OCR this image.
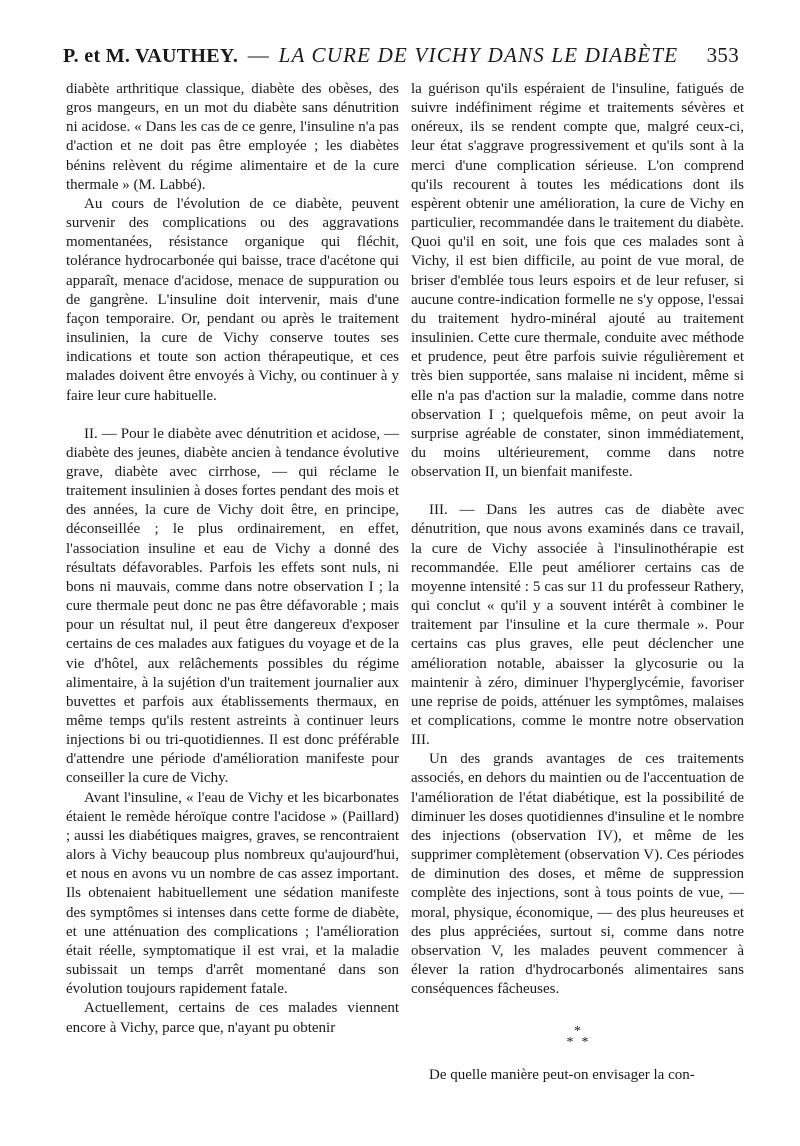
P. et M. VAUTHEY. — LA CURE DE VICHY DANS LE DIABÈTE 353

diabète arthritique classique, diabète des obèses, des gros mangeurs, en un mot du diabète sans dénutrition ni acidose. « Dans les cas de ce genre, l'insuline n'a pas d'action et ne doit pas être employée ; les diabètes bénins relèvent du régime alimentaire et de la cure thermale » (M. Labbé).

Au cours de l'évolution de ce diabète, peuvent survenir des complications ou des aggravations momentanées, résistance organique qui fléchit, tolérance hydrocarbonée qui baisse, trace d'acétone qui apparaît, menace d'acidose, menace de suppuration ou de gangrène. L'insuline doit intervenir, mais d'une façon temporaire. Or, pendant ou après le traitement insulinien, la cure de Vichy conserve toutes ses indications et toute son action thérapeutique, et ces malades doivent être envoyés à Vichy, ou continuer à y faire leur cure habituelle.

II. — Pour le diabète avec dénutrition et acidose, — diabète des jeunes, diabète ancien à tendance évolutive grave, diabète avec cirrhose, — qui réclame le traitement insulinien à doses fortes pendant des mois et des années, la cure de Vichy doit être, en principe, déconseillée ; le plus ordinairement, en effet, l'association insuline et eau de Vichy a donné des résultats défavorables. Parfois les effets sont nuls, ni bons ni mauvais, comme dans notre observation I ; la cure thermale peut donc ne pas être défavorable ; mais pour un résultat nul, il peut être dangereux d'exposer certains de ces malades aux fatigues du voyage et de la vie d'hôtel, aux relâchements possibles du régime alimentaire, à la sujétion d'un traitement journalier aux buvettes et parfois aux établissements thermaux, en même temps qu'ils restent astreints à continuer leurs injections bi ou tri-quotidiennes. Il est donc préférable d'attendre une période d'amélioration manifeste pour conseiller la cure de Vichy.

Avant l'insuline, « l'eau de Vichy et les bicarbonates étaient le remède héroïque contre l'acidose » (Paillard) ; aussi les diabétiques maigres, graves, se rencontraient alors à Vichy beaucoup plus nombreux qu'aujourd'hui, et nous en avons vu un nombre de cas assez important. Ils obtenaient habituellement une sédation manifeste des symptômes si intenses dans cette forme de diabète, et une atténuation des complications ; l'amélioration était réelle, symptomatique il est vrai, et la maladie subissait un temps d'arrêt momentané dans son évolution toujours rapidement fatale.

Actuellement, certains de ces malades viennent encore à Vichy, parce que, n'ayant pu obtenir

la guérison qu'ils espéraient de l'insuline, fatigués de suivre indéfiniment régime et traitements sévères et onéreux, ils se rendent compte que, malgré ceux-ci, leur état s'aggrave progressivement et qu'ils sont à la merci d'une complication sérieuse. L'on comprend qu'ils recourent à toutes les médications dont ils espèrent obtenir une amélioration, la cure de Vichy en particulier, recommandée dans le traitement du diabète. Quoi qu'il en soit, une fois que ces malades sont à Vichy, il est bien difficile, au point de vue moral, de briser d'emblée tous leurs espoirs et de leur refuser, si aucune contre-indication formelle ne s'y oppose, l'essai du traitement hydro-minéral ajouté au traitement insulinien. Cette cure thermale, conduite avec méthode et prudence, peut être parfois suivie régulièrement et très bien supportée, sans malaise ni incident, même si elle n'a pas d'action sur la maladie, comme dans notre observation I ; quelquefois même, on peut avoir la surprise agréable de constater, sinon immédiatement, du moins ultérieurement, comme dans notre observation II, un bienfait manifeste.

III. — Dans les autres cas de diabète avec dénutrition, que nous avons examinés dans ce travail, la cure de Vichy associée à l'insulinothérapie est recommandée. Elle peut améliorer certains cas de moyenne intensité : 5 cas sur 11 du professeur Rathery, qui conclut « qu'il y a souvent intérêt à combiner le traitement par l'insuline et la cure thermale ». Pour certains cas plus graves, elle peut déclencher une amélioration notable, abaisser la glycosurie ou la maintenir à zéro, diminuer l'hyperglycémie, favoriser une reprise de poids, atténuer les symptômes, malaises et complications, comme le montre notre observation III.

Un des grands avantages de ces traitements associés, en dehors du maintien ou de l'accentuation de l'amélioration de l'état diabétique, est la possibilité de diminuer les doses quotidiennes d'insuline et le nombre des injections (observation IV), et même de les supprimer complètement (observation V). Ces périodes de diminution des doses, et même de suppression complète des injections, sont à tous points de vue, — moral, physique, économique, — des plus heureuses et des plus appréciées, surtout si, comme dans notre observation V, les malades peuvent commencer à élever la ration d'hydrocarbonés alimentaires sans conséquences fâcheuses.

*
**

De quelle manière peut-on envisager la con-
